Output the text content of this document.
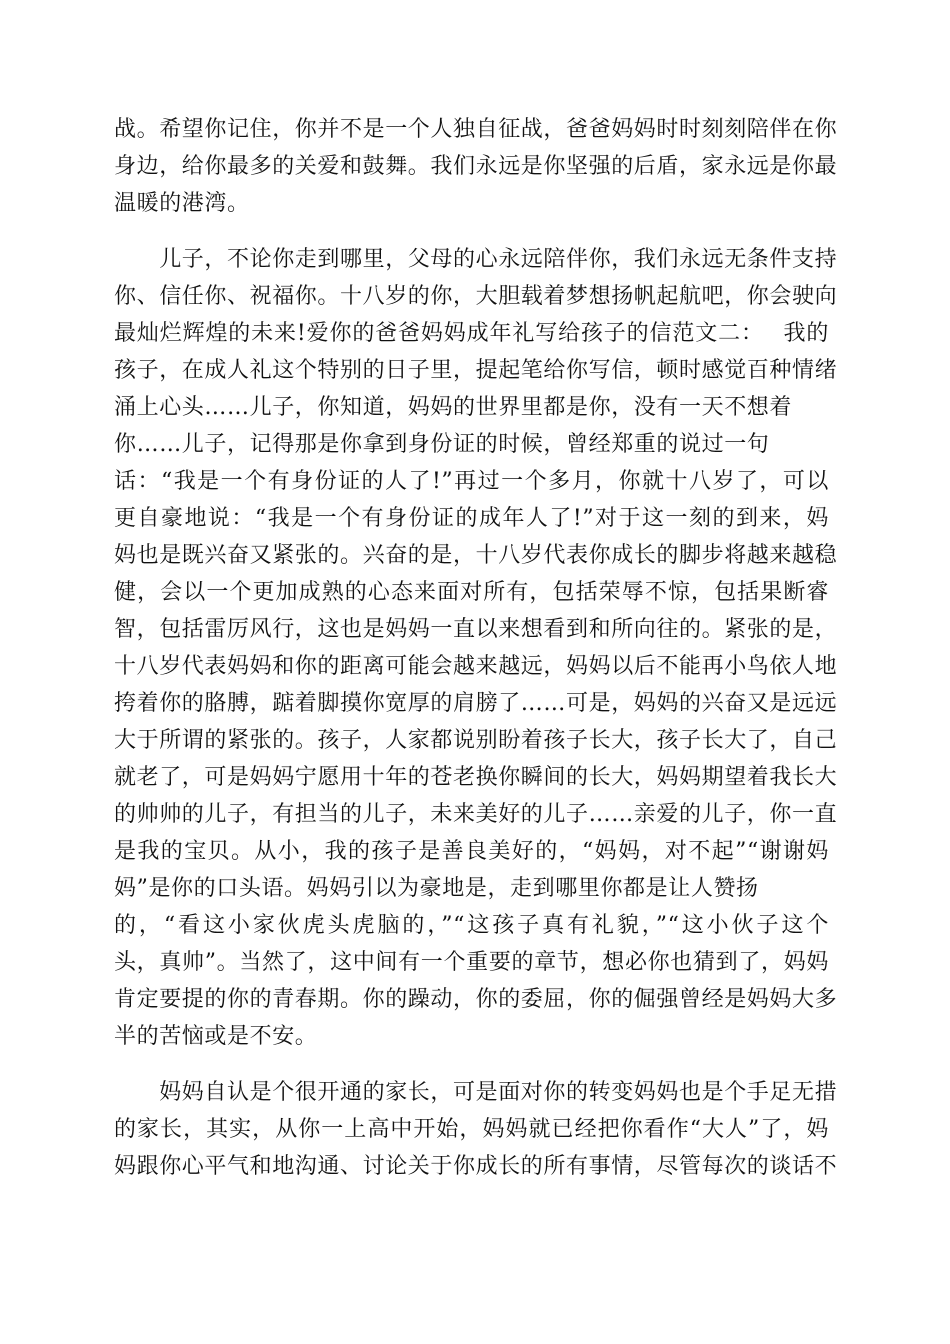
战。希望你记住，你并不是一个人独自征战，爸爸妈妈时时刻刻陪伴在你
身边，给你最多的关爱和鼓舞。我们永远是你坚强的后盾，家永远是你最
温暖的港湾。
　　儿子，不论你走到哪里，父母的心永远陪伴你，我们永远无条件支持
你、信任你、祝福你。十八岁的你，大胆载着梦想扬帆起航吧，你会驶向
最灿烂辉煌的未来!爱你的爸爸妈妈成年礼写给孩子的信范文二：　 我的
孩子，在成人礼这个特别的日子里，提起笔给你写信，顿时感觉百种情绪
涌上心头……儿子，你知道，妈妈的世界里都是你，没有一天不想着
你……儿子，记得那是你拿到身份证的时候，曾经郑重的说过一句
话：“我是一个有身份证的人了!”再过一个多月，你就十八岁了，可以
更自豪地说：“我是一个有身份证的成年人了!”对于这一刻的到来，妈
妈也是既兴奋又紧张的。兴奋的是，十八岁代表你成长的脚步将越来越稳
健，会以一个更加成熟的心态来面对所有，包括荣辱不惊，包括果断睿
智，包括雷厉风行，这也是妈妈一直以来想看到和所向往的。紧张的是，
十八岁代表妈妈和你的距离可能会越来越远，妈妈以后不能再小鸟依人地
挎着你的胳膊，踮着脚摸你宽厚的肩膀了……可是，妈妈的兴奋又是远远
大于所谓的紧张的。孩子，人家都说别盼着孩子长大，孩子长大了，自己
就老了，可是妈妈宁愿用十年的苍老换你瞬间的长大，妈妈期望着我长大
的帅帅的儿子，有担当的儿子，未来美好的儿子……亲爱的儿子，你一直
是我的宝贝。从小，我的孩子是善良美好的，“妈妈，对不起”“谢谢妈
妈”是你的口头语。妈妈引以为豪地是，走到哪里你都是让人赞扬
的，“看这小家伙虎头虎脑的，”“这孩子真有礼貌，”“这小伙子这个
头，真帅”。当然了，这中间有一个重要的章节，想必你也猜到了，妈妈
肯定要提的你的青春期。你的躁动，你的委屈，你的倔强曾经是妈妈大多
半的苦恼或是不安。
　　妈妈自认是个很开通的家长，可是面对你的转变妈妈也是个手足无措
的家长，其实，从你一上高中开始，妈妈就已经把你看作“大人”了，妈
妈跟你心平气和地沟通、讨论关于你成长的所有事情，尽管每次的谈话不
